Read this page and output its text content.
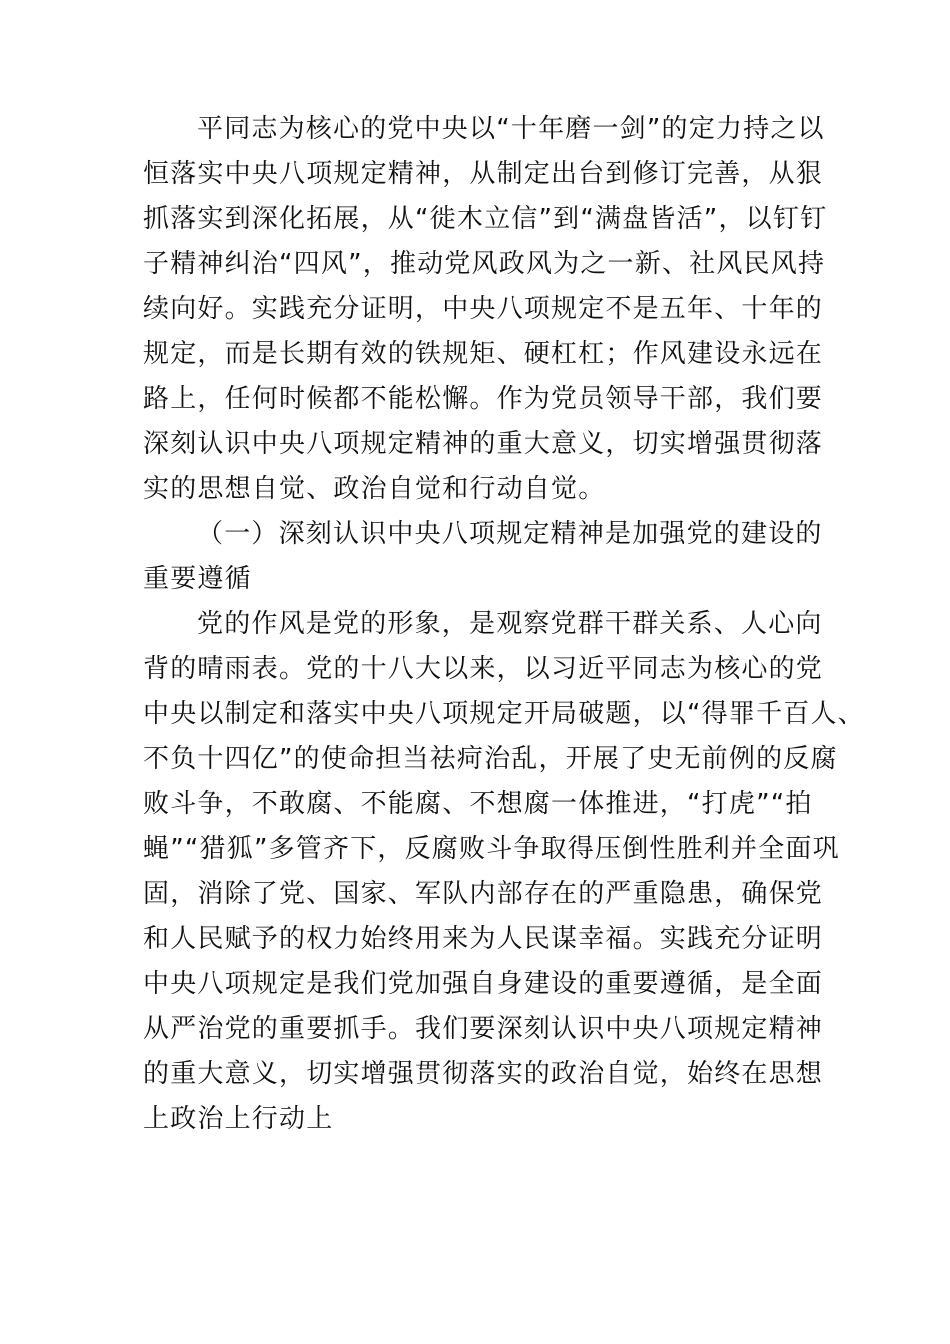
平同志为核心的党中央以“十年磨一剑”的定力持之以
恒落实中央八项规定精神，从制定出台到修订完善，从狠
抓落实到深化拓展，从“徙木立信”到“满盘皆活”，以钉钉
子精神纠治“四风”，推动党风政风为之一新、社风民风持
续向好。实践充分证明，中央八项规定不是五年、十年的
规定，而是长期有效的铁规矩、硬杠杠；作风建设永远在
路上，任何时候都不能松懈。作为党员领导干部，我们要
深刻认识中央八项规定精神的重大意义，切实增强贯彻落
实的思想自觉、政治自觉和行动自觉。
（一）深刻认识中央八项规定精神是加强党的建设的
重要遵循
党的作风是党的形象，是观察党群干群关系、人心向
背的晴雨表。党的十八大以来，以习近平同志为核心的党
中央以制定和落实中央八项规定开局破题，以“得罪千百人、
不负十四亿”的使命担当祛疴治乱，开展了史无前例的反腐
败斗争，不敢腐、不能腐、不想腐一体推进，“打虎”“拍
蝇”“猎狐”多管齐下，反腐败斗争取得压倒性胜利并全面巩
固，消除了党、国家、军队内部存在的严重隐患，确保党
和人民赋予的权力始终用来为人民谋幸福。实践充分证明
中央八项规定是我们党加强自身建设的重要遵循，是全面
从严治党的重要抓手。我们要深刻认识中央八项规定精神
的重大意义，切实增强贯彻落实的政治自觉，始终在思想
上政治上行动上
